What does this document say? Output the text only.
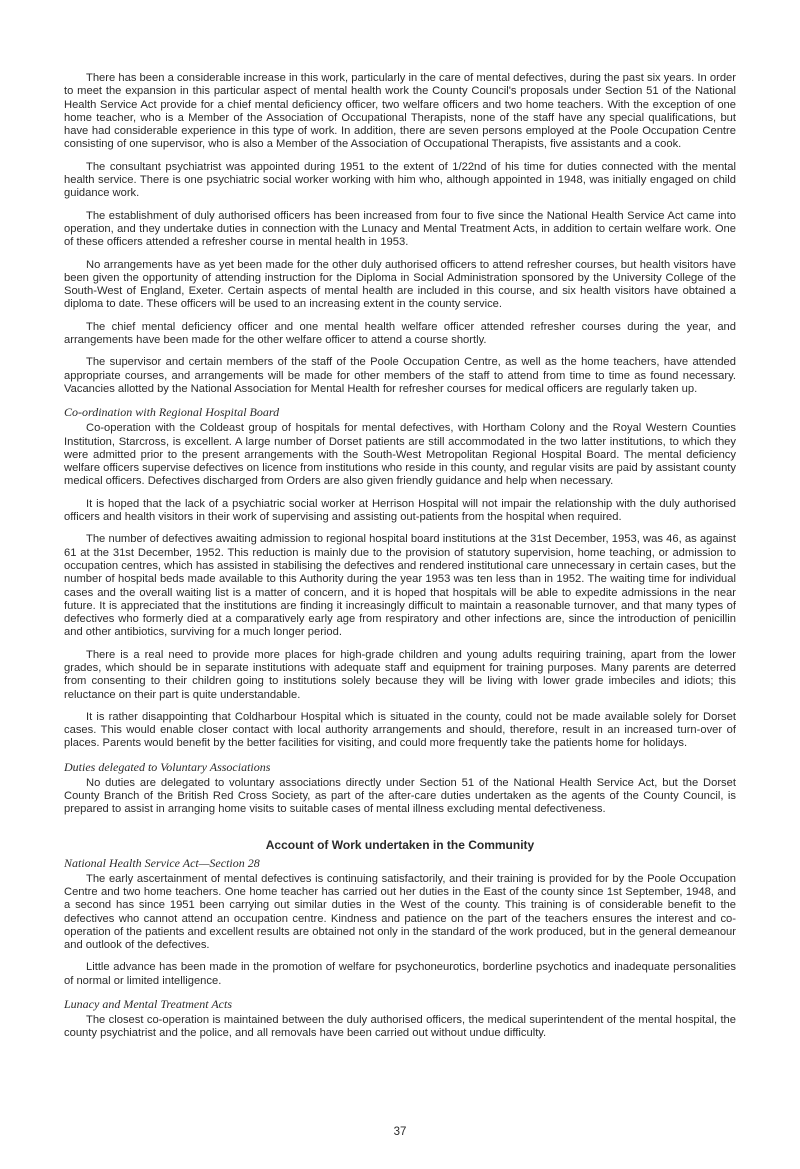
There has been a considerable increase in this work, particularly in the care of mental defectives, during the past six years. In order to meet the expansion in this particular aspect of mental health work the County Council's proposals under Section 51 of the National Health Service Act provide for a chief mental deficiency officer, two welfare officers and two home teachers. With the exception of one home teacher, who is a Member of the Association of Occupational Therapists, none of the staff have any special qualifications, but have had considerable experience in this type of work. In addition, there are seven persons employed at the Poole Occupation Centre consisting of one supervisor, who is also a Member of the Association of Occupational Therapists, five assistants and a cook.

The consultant psychiatrist was appointed during 1951 to the extent of 1/22nd of his time for duties connected with the mental health service. There is one psychiatric social worker working with him who, although appointed in 1948, was initially engaged on child guidance work.

The establishment of duly authorised officers has been increased from four to five since the National Health Service Act came into operation, and they undertake duties in connection with the Lunacy and Mental Treatment Acts, in addition to certain welfare work. One of these officers attended a refresher course in mental health in 1953.

No arrangements have as yet been made for the other duly authorised officers to attend refresher courses, but health visitors have been given the opportunity of attending instruction for the Diploma in Social Administration sponsored by the University College of the South-West of England, Exeter. Certain aspects of mental health are included in this course, and six health visitors have obtained a diploma to date. These officers will be used to an increasing extent in the county service.

The chief mental deficiency officer and one mental health welfare officer attended refresher courses during the year, and arrangements have been made for the other welfare officer to attend a course shortly.

The supervisor and certain members of the staff of the Poole Occupation Centre, as well as the home teachers, have attended appropriate courses, and arrangements will be made for other members of the staff to attend from time to time as found necessary. Vacancies allotted by the National Association for Mental Health for refresher courses for medical officers are regularly taken up.

Co-ordination with Regional Hospital Board

Co-operation with the Coldeast group of hospitals for mental defectives, with Hortham Colony and the Royal Western Counties Institution, Starcross, is excellent. A large number of Dorset patients are still accommodated in the two latter institutions, to which they were admitted prior to the present arrangements with the South-West Metropolitan Regional Hospital Board. The mental deficiency welfare officers supervise defectives on licence from institutions who reside in this county, and regular visits are paid by assistant county medical officers. Defectives discharged from Orders are also given friendly guidance and help when necessary.

It is hoped that the lack of a psychiatric social worker at Herrison Hospital will not impair the relationship with the duly authorised officers and health visitors in their work of supervising and assisting out-patients from the hospital when required.

The number of defectives awaiting admission to regional hospital board institutions at the 31st December, 1953, was 46, as against 61 at the 31st December, 1952. This reduction is mainly due to the provision of statutory supervision, home teaching, or admission to occupation centres, which has assisted in stabilising the defectives and rendered institutional care unnecessary in certain cases, but the number of hospital beds made available to this Authority during the year 1953 was ten less than in 1952. The waiting time for individual cases and the overall waiting list is a matter of concern, and it is hoped that hospitals will be able to expedite admissions in the near future. It is appreciated that the institutions are finding it increasingly difficult to maintain a reasonable turnover, and that many types of defectives who formerly died at a comparatively early age from respiratory and other infections are, since the introduction of penicillin and other antibiotics, surviving for a much longer period.

There is a real need to provide more places for high-grade children and young adults requiring training, apart from the lower grades, which should be in separate institutions with adequate staff and equipment for training purposes. Many parents are deterred from consenting to their children going to institutions solely because they will be living with lower grade imbeciles and idiots; this reluctance on their part is quite understandable.

It is rather disappointing that Coldharbour Hospital which is situated in the county, could not be made available solely for Dorset cases. This would enable closer contact with local authority arrangements and should, therefore, result in an increased turn-over of places. Parents would benefit by the better facilities for visiting, and could more frequently take the patients home for holidays.

Duties delegated to Voluntary Associations

No duties are delegated to voluntary associations directly under Section 51 of the National Health Service Act, but the Dorset County Branch of the British Red Cross Society, as part of the after-care duties undertaken as the agents of the County Council, is prepared to assist in arranging home visits to suitable cases of mental illness excluding mental defectiveness.

Account of Work undertaken in the Community

National Health Service Act—Section 28

The early ascertainment of mental defectives is continuing satisfactorily, and their training is provided for by the Poole Occupation Centre and two home teachers. One home teacher has carried out her duties in the East of the county since 1st September, 1948, and a second has since 1951 been carrying out similar duties in the West of the county. This training is of considerable benefit to the defectives who cannot attend an occupation centre. Kindness and patience on the part of the teachers ensures the interest and co-operation of the patients and excellent results are obtained not only in the standard of the work produced, but in the general demeanour and outlook of the defectives.

Little advance has been made in the promotion of welfare for psychoneurotics, borderline psychotics and inadequate personalities of normal or limited intelligence.

Lunacy and Mental Treatment Acts

The closest co-operation is maintained between the duly authorised officers, the medical superintendent of the mental hospital, the county psychiatrist and the police, and all removals have been carried out without undue difficulty.

37
